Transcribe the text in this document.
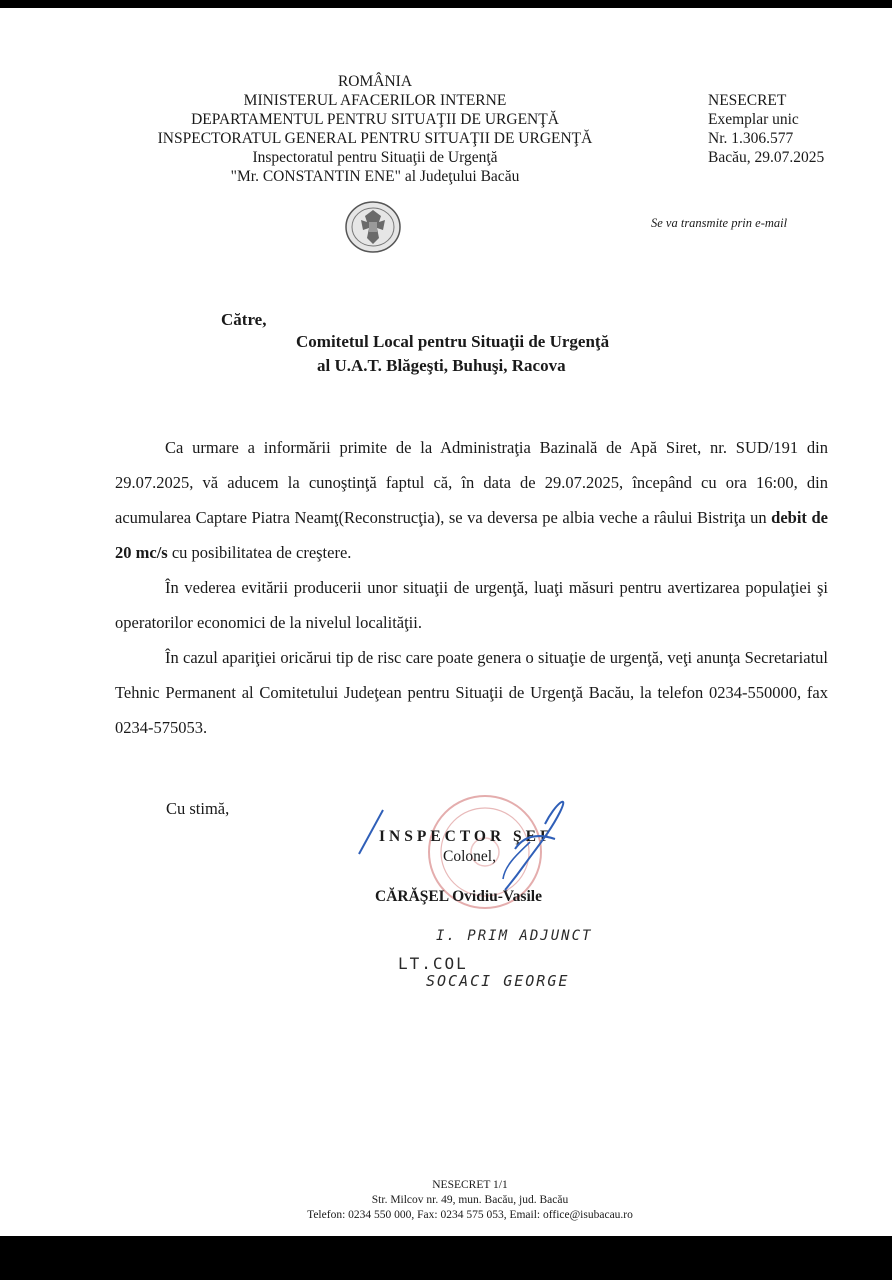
ROMÂNIA
MINISTERUL AFACERILOR INTERNE
DEPARTAMENTUL PENTRU SITUAŢII DE URGENŢĂ
INSPECTORATUL GENERAL PENTRU SITUAŢII DE URGENŢĂ
Inspectoratul pentru Situaţii de Urgenţă
"Mr. CONSTANTIN ENE" al Judeţului Bacău
NESECRET
Exemplar unic
Nr. 1.306.577
Bacău, 29.07.2025
Se va transmite prin e-mail
Către,
Comitetul Local pentru Situaţii de Urgenţă
al U.A.T. Blăgeşti, Buhuşi, Racova

Ca urmare a informării primite de la Administraţia Bazinală de Apă Siret, nr. SUD/191 din 29.07.2025, vă aducem la cunoştinţă faptul că, în data de 29.07.2025, începând cu ora 16:00, din acumularea Captare Piatra Neamţ(Reconstrucţia), se va deversa pe albia veche a râului Bistriţa un debit de 20 mc/s cu posibilitatea de creştere.

În vederea evitării producerii unor situaţii de urgenţă, luaţi măsuri pentru avertizarea populaţiei şi operatorilor economici de la nivelul localităţii.

În cazul apariţiei oricărui tip de risc care poate genera o situaţie de urgenţă, veţi anunţa Secretariatul Tehnic Permanent al Comitetului Judeţean pentru Situaţii de Urgenţă Bacău, la telefon 0234-550000, fax 0234-575053.

Cu stimă,
INSPECTOR ŞEF
Colonel,
CĂRĂŞEL Ovidiu-Vasile
I. PRIM ADJUNCT
LT.COL
SOCACI GEORGE
NESECRET 1/1
Str. Milcov nr. 49, mun. Bacău, jud. Bacău
Telefon: 0234 550 000, Fax: 0234 575 053, Email: office@isubacau.ro
